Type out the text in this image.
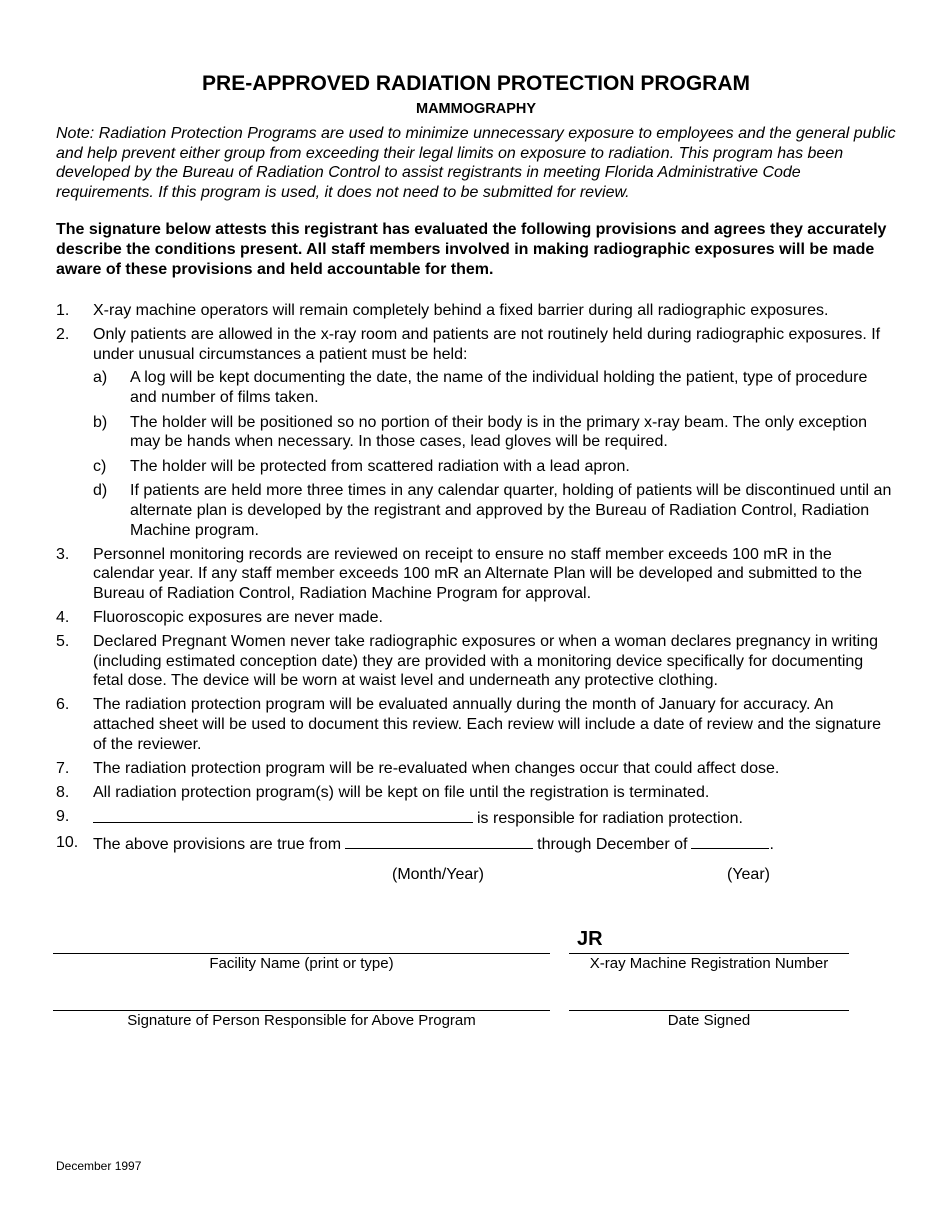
PRE-APPROVED RADIATION PROTECTION PROGRAM
MAMMOGRAPHY

Note: Radiation Protection Programs are used to minimize unnecessary exposure to employees and the general public and help prevent either group from exceeding their legal limits on exposure to radiation. This program has been developed by the Bureau of Radiation Control to assist registrants in meeting Florida Administrative Code requirements. If this program is used, it does not need to be submitted for review.

The signature below attests this registrant has evaluated the following provisions and agrees they accurately describe the conditions present. All staff members involved in making radiographic exposures will be made aware of these provisions and held accountable for them.

1. X-ray machine operators will remain completely behind a fixed barrier during all radiographic exposures.
2. Only patients are allowed in the x-ray room and patients are not routinely held during radiographic exposures. If under unusual circumstances a patient must be held:
a) A log will be kept documenting the date, the name of the individual holding the patient, type of procedure and number of films taken.
b) The holder will be positioned so no portion of their body is in the primary x-ray beam. The only exception may be hands when necessary. In those cases, lead gloves will be required.
c) The holder will be protected from scattered radiation with a lead apron.
d) If patients are held more three times in any calendar quarter, holding of patients will be discontinued until an alternate plan is developed by the registrant and approved by the Bureau of Radiation Control, Radiation Machine program.
3. Personnel monitoring records are reviewed on receipt to ensure no staff member exceeds 100 mR in the calendar year. If any staff member exceeds 100 mR an Alternate Plan will be developed and submitted to the Bureau of Radiation Control, Radiation Machine Program for approval.
4. Fluoroscopic exposures are never made.
5. Declared Pregnant Women never take radiographic exposures or when a woman declares pregnancy in writing (including estimated conception date) they are provided with a monitoring device specifically for documenting fetal dose. The device will be worn at waist level and underneath any protective clothing.
6. The radiation protection program will be evaluated annually during the month of January for accuracy. An attached sheet will be used to document this review. Each review will include a date of review and the signature of the reviewer.
7. The radiation protection program will be re-evaluated when changes occur that could affect dose.
8. All radiation protection program(s) will be kept on file until the registration is terminated.
9.	is responsible for radiation protection.
10. The above provisions are true from	through December of	.
(Month/Year)	(Year)
JR
Facility Name (print or type)	X-ray Machine Registration Number
Signature of Person Responsible for Above Program	Date Signed
December 1997
